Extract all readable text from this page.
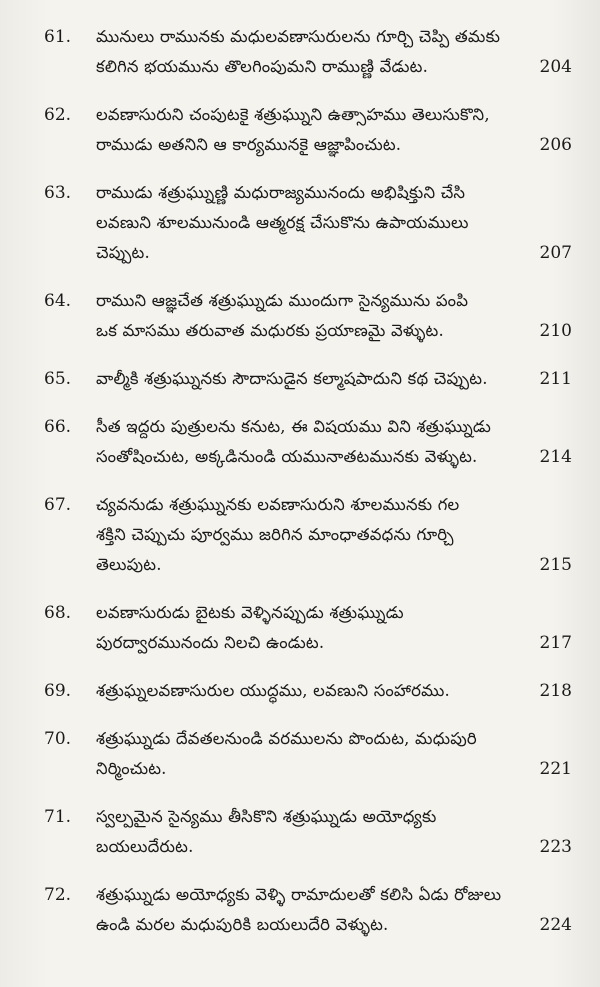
61.	మునులు రామునకు మధులవణాసురులను గూర్చి చెప్పి తమకు
కలిగిన భయమును తొలగింపుమని రాముణ్ణి వేడుట.	204
62.	లవణాసురుని చంపుటకై శత్రుఘ్నుని ఉత్సాహము తెలుసుకొని,
రాముడు అతనిని ఆ కార్యమునకై ఆజ్ఞాపించుట.	206
63.	రాముడు శత్రుఘ్నుణ్ణి మధురాజ్యమునందు అభిషిక్తుని చేసి
లవణుని శూలమునుండి ఆత్మరక్ష చేసుకొను ఉపాయములు
చెప్పుట.	207
64.	రాముని ఆజ్ఞచేత శత్రుఘ్నుడు ముందుగా సైన్యమును పంపి
ఒక మాసము తరువాత మధురకు ప్రయాణమై వెళ్ళుట.	210
65.	వాల్మీకి శత్రుఘ్నునకు సౌదాసుడైన కల్మాషపాదుని కథ చెప్పుట.	211
66.	సీత ఇద్దరు పుత్రులను కనుట, ఈ విషయము విని శత్రుఘ్నుడు
సంతోషించుట, అక్కడినుండి యమునాతటమునకు వెళ్ళుట.	214
67.	చ్యవనుడు శత్రుఘ్నునకు లవణాసురుని శూలమునకు గల
శక్తిని చెప్పుచు పూర్వము జరిగిన మాంధాతవధను గూర్చి
తెలుపుట.	215
68.	లవణాసురుడు బైటకు వెళ్ళినప్పుడు శత్రుఘ్నుడు
పురద్వారమునందు నిలచి ఉండుట.	217
69.	శత్రుఘ్నలవణాసురుల యుద్ధము, లవణుని సంహారము.	218
70.	శత్రుఘ్నుడు దేవతలనుండి వరములను పొందుట, మధుపురి
నిర్మించుట.	221
71.	స్వల్పమైన సైన్యము తీసికొని శత్రుఘ్నుడు అయోధ్యకు
బయలుదేరుట.	223
72.	శత్రుఘ్నుడు అయోధ్యకు వెళ్ళి రామాదులతో కలిసి ఏడు రోజులు
ఉండి మరల మధుపురికి బయలుదేరి వెళ్ళుట.	224
